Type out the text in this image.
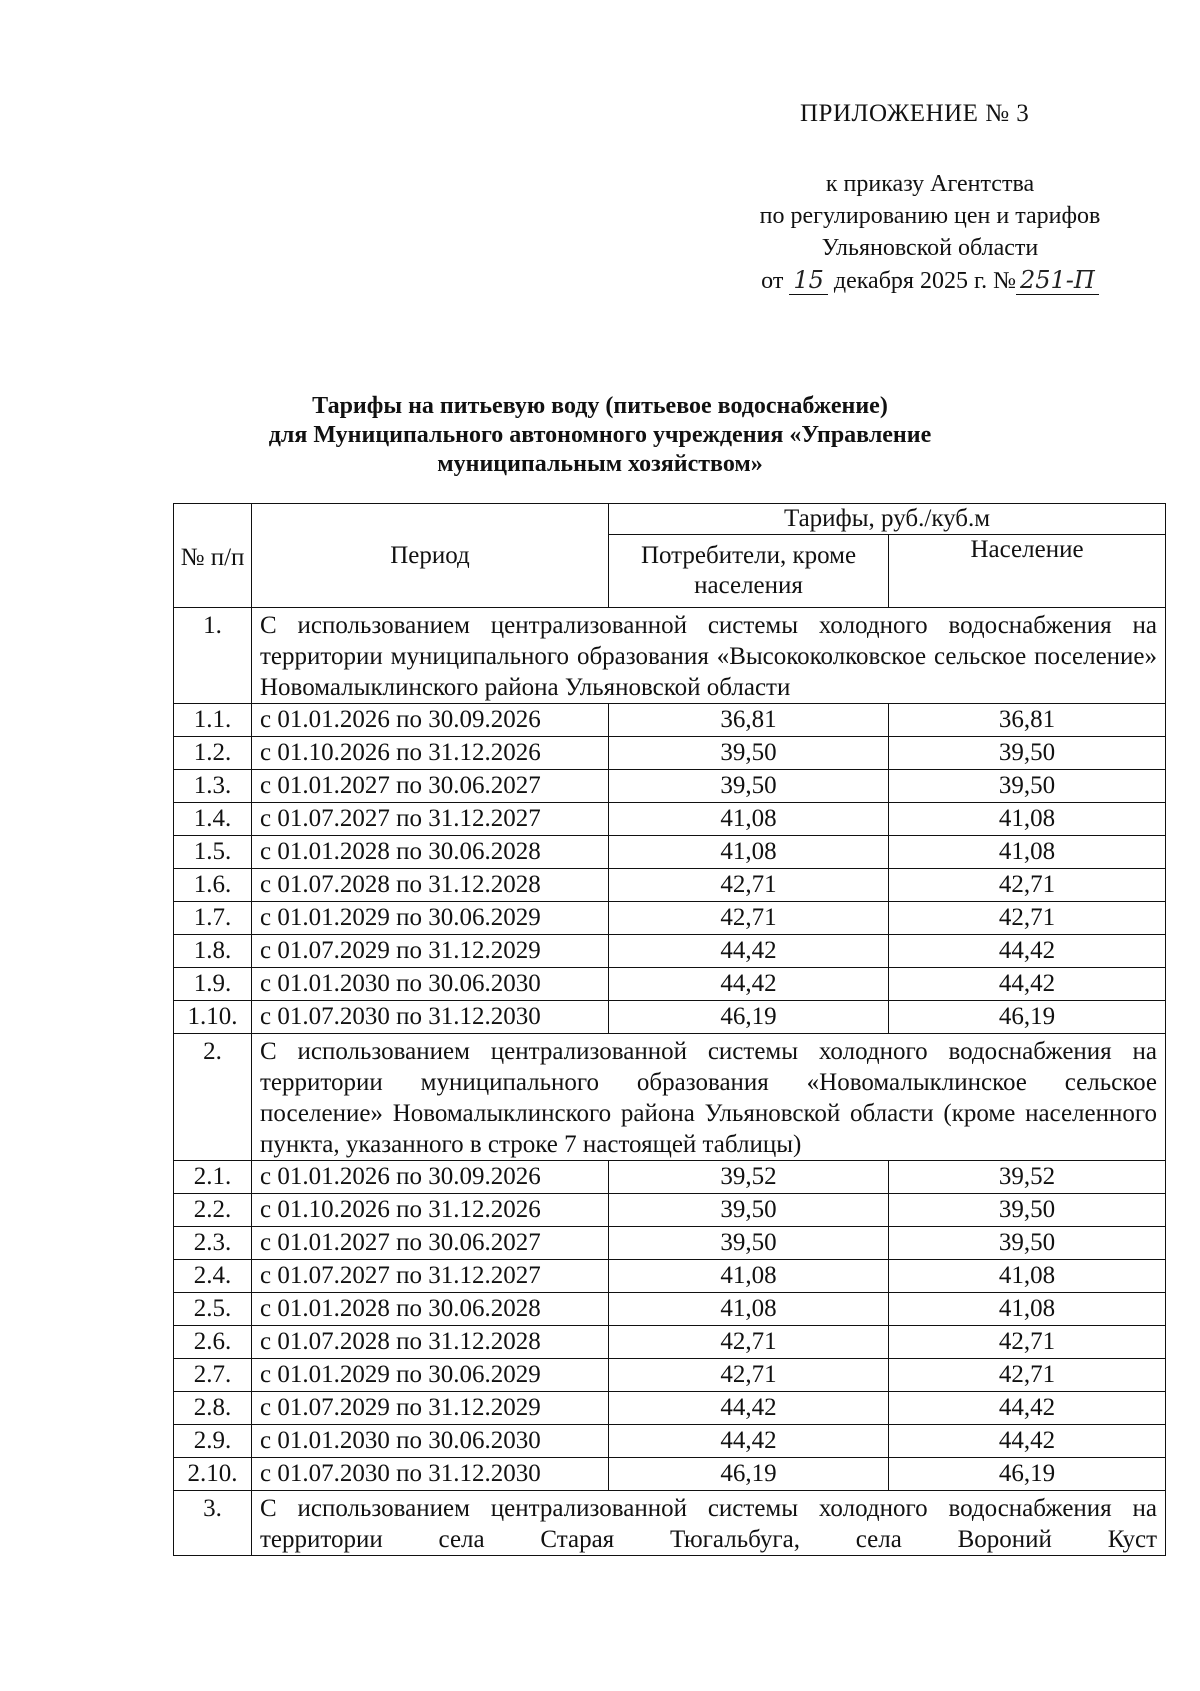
ПРИЛОЖЕНИЕ № 3
к приказу Агентства
по регулированию цен и тарифов
Ульяновской области
от 15 декабря 2025 г. № 251-П
Тарифы на питьевую воду (питьевое водоснабжение)
для Муниципального автономного учреждения «Управление
муниципальным хозяйством»
№ п/п	Период	Тарифы, руб./куб.м	
		Потребители, кроме населения	Население
1.	С использованием централизованной системы холодного водоснабжения на территории муниципального образования «Высококолковское сельское поселение» Новомалыклинского района Ульяновской области		
1.1.	с 01.01.2026 по 30.09.2026	36,81	36,81
1.2.	с 01.10.2026 по 31.12.2026	39,50	39,50
1.3.	с 01.01.2027 по 30.06.2027	39,50	39,50
1.4.	с 01.07.2027 по 31.12.2027	41,08	41,08
1.5.	с 01.01.2028 по 30.06.2028	41,08	41,08
1.6.	с 01.07.2028 по 31.12.2028	42,71	42,71
1.7.	с 01.01.2029 по 30.06.2029	42,71	42,71
1.8.	с 01.07.2029 по 31.12.2029	44,42	44,42
1.9.	с 01.01.2030 по 30.06.2030	44,42	44,42
1.10.	с 01.07.2030 по 31.12.2030	46,19	46,19
2.	С использованием централизованной системы холодного водоснабжения на территории муниципального образования «Новомалыклинское сельское поселение» Новомалыклинского района Ульяновской области (кроме населенного пункта, указанного в строке 7 настоящей таблицы)		
2.1.	с 01.01.2026 по 30.09.2026	39,52	39,52
2.2.	с 01.10.2026 по 31.12.2026	39,50	39,50
2.3.	с 01.01.2027 по 30.06.2027	39,50	39,50
2.4.	с 01.07.2027 по 31.12.2027	41,08	41,08
2.5.	с 01.01.2028 по 30.06.2028	41,08	41,08
2.6.	с 01.07.2028 по 31.12.2028	42,71	42,71
2.7.	с 01.01.2029 по 30.06.2029	42,71	42,71
2.8.	с 01.07.2029 по 31.12.2029	44,42	44,42
2.9.	с 01.01.2030 по 30.06.2030	44,42	44,42
2.10.	с 01.07.2030 по 31.12.2030	46,19	46,19
3.	С использованием централизованной системы холодного водоснабжения на территории села Старая Тюгальбуга, села Вороний Куст		
